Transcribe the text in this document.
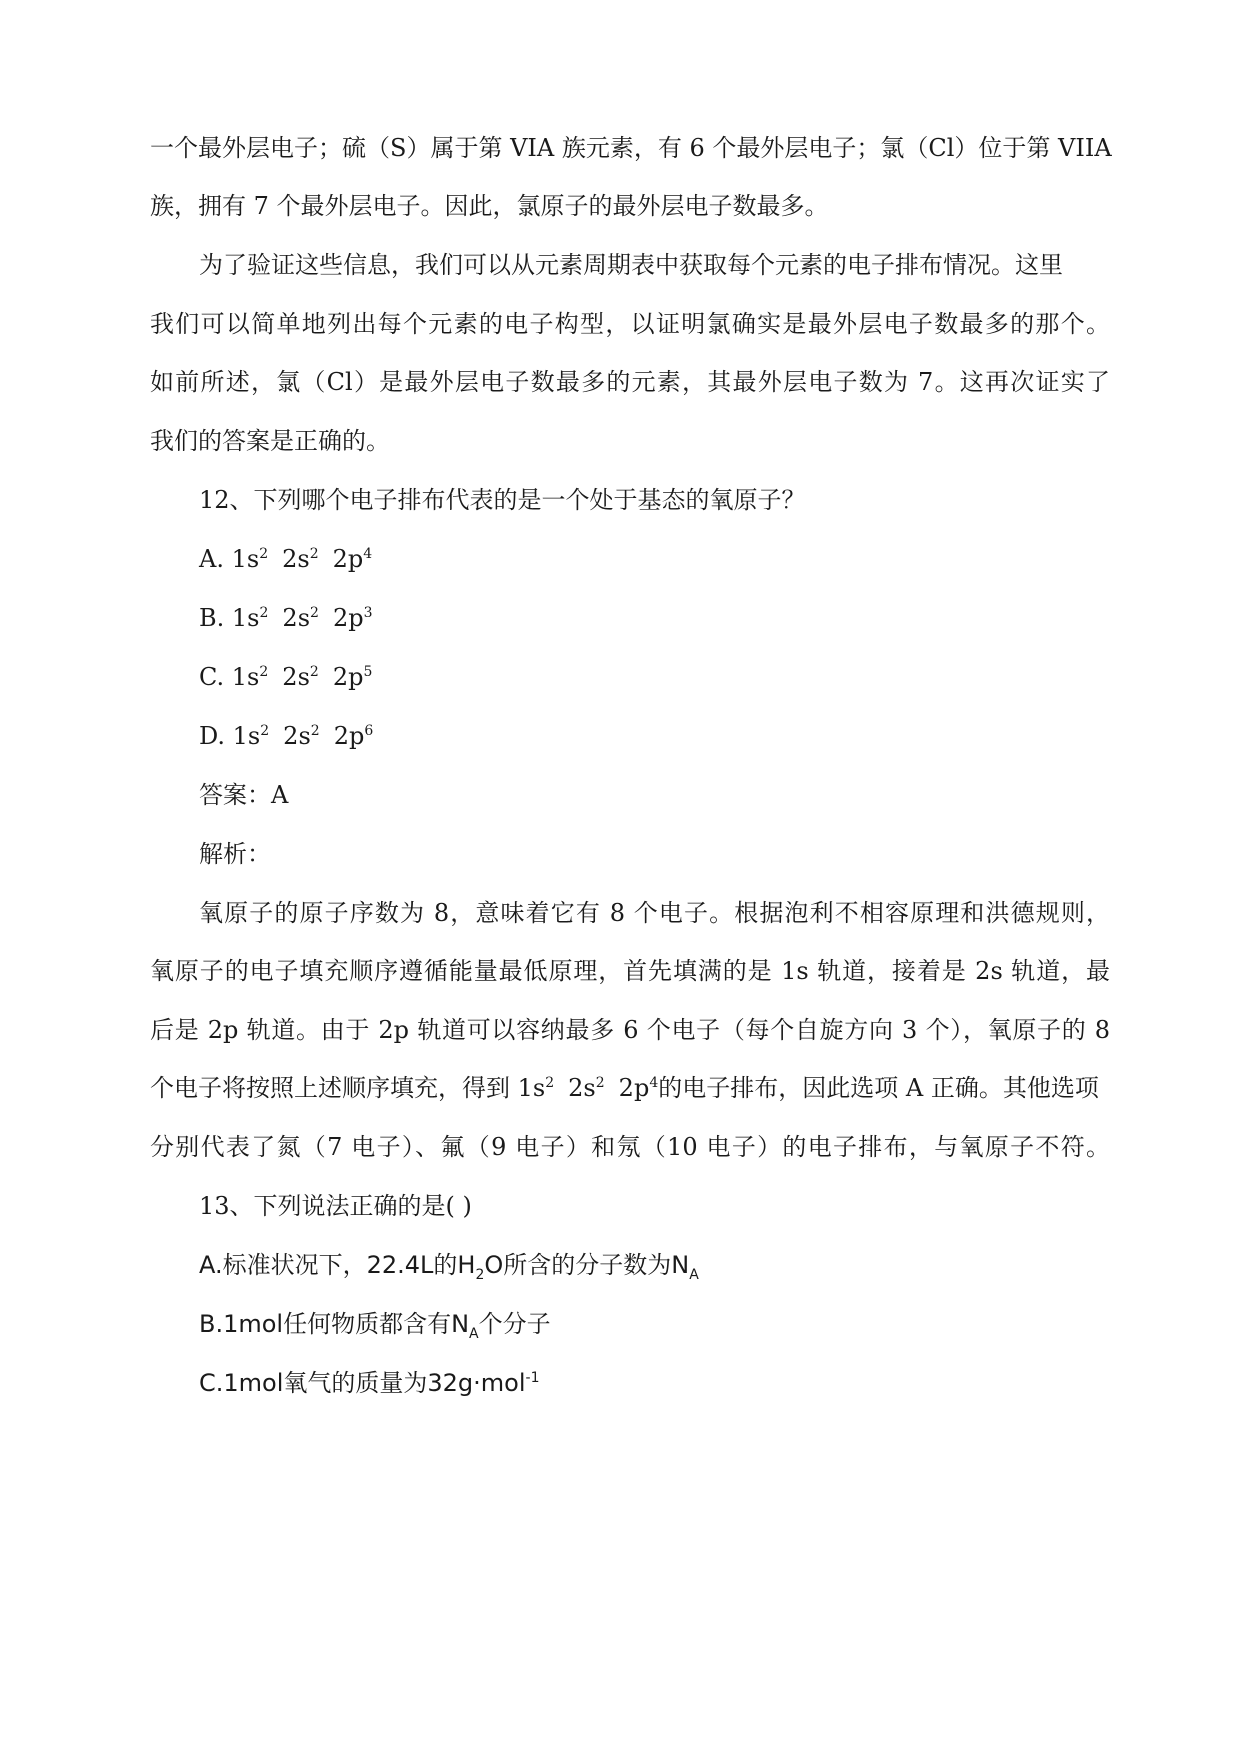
一个最外层电子；硫（S）属于第 VIA 族元素，有 6 个最外层电子；氯（Cl）位于第 VIIA
族，拥有 7 个最外层电子。因此，氯原子的最外层电子数最多。
为了验证这些信息，我们可以从元素周期表中获取每个元素的电子排布情况。这里
我们可以简单地列出每个元素的电子构型，以证明氯确实是最外层电子数最多的那个。
如前所述，氯（Cl）是最外层电子数最多的元素，其最外层电子数为 7。这再次证实了
我们的答案是正确的。
12、下列哪个电子排布代表的是一个处于基态的氧原子？
A. $1s^2$ $2s^2$ $2p^4$
B. $1s^2$ $2s^2$ $2p^3$
C. $1s^2$ $2s^2$ $2p^5$
D. $1s^2$ $2s^2$ $2p^6$
答案：A
解析：
氧原子的原子序数为 8，意味着它有 8 个电子。根据泡利不相容原理和洪德规则，
氧原子的电子填充顺序遵循能量最低原理，首先填满的是 1s 轨道，接着是 2s 轨道，最
后是 2p 轨道。由于 2p 轨道可以容纳最多 6 个电子（每个自旋方向 3 个），氧原子的 8
个电子将按照上述顺序填充，得到 $1s^2$ $2s^2$ $2p^4$的电子排布，因此选项 A 正确。其他选项
分别代表了氮（7 电子）、氟（9 电子）和氖（10 电子）的电子排布，与氧原子不符。
13、下列说法正确的是( )
A.标准状况下，22.4L的$H_2O$所含的分子数为$N_A$
B.1mol任何物质都含有$N_A$个分子
C.1mol氧气的质量为32g·mol$^{-1}$
